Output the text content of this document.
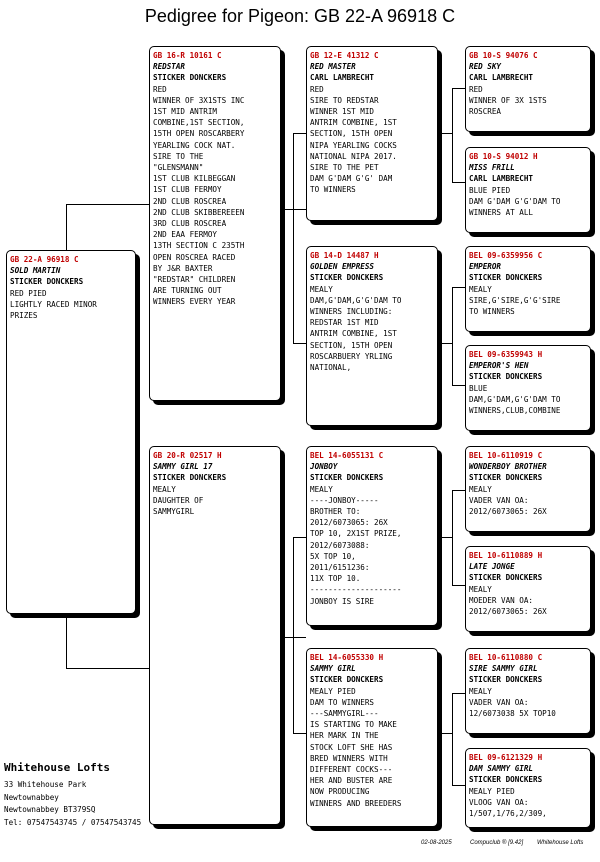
Pedigree for Pigeon: GB 22-A 96918 C
GB 22-A 96918 C
SOLD MARTIN
STICKER DONCKERS
RED PIED
LIGHTLY RACED MINOR
PRIZES
GB 16-R 10161 C
REDSTAR
STICKER DONCKERS
RED
WINNER OF 3X1STS INC
1ST MID ANTRIM
COMBINE,1ST SECTION,
15TH OPEN ROSCARBERY
YEARLING COCK NAT.
SIRE TO THE
"GLENSMANN"
1ST CLUB KILBEGGAN
1ST CLUB FERMOY
2ND CLUB ROSCREA
2ND CLUB SKIBBEREEEN
3RD CLUB ROSCREA
2ND EAA FERMOY
13TH SECTION C 235TH
OPEN ROSCREA RACED
BY J&R BAXTER
"REDSTAR" CHILDREN
ARE TURNING OUT
WINNERS EVERY YEAR
GB 20-R 02517 H
SAMMY GIRL 17
STICKER DONCKERS
MEALY
DAUGHTER OF
SAMMYGIRL
GB 12-E 41312 C
RED MASTER
CARL LAMBRECHT
RED
SIRE TO REDSTAR
WINNER 1ST MID
ANTRIM COMBINE, 1ST
SECTION, 15TH OPEN
NIPA YEARLING COCKS
NATIONAL NIPA 2017.
SIRE TO THE PET
DAM G'DAM G'G' DAM
TO WINNERS
GB 14-D 14487 H
GOLDEN EMPRESS
STICKER DONCKERS
MEALY
DAM,G'DAM,G'G'DAM TO
WINNERS INCLUDING:
REDSTAR 1ST MID
ANTRIM COMBINE, 1ST
SECTION, 15TH OPEN
ROSCARBUERY YRLING
NATIONAL,
BEL 14-6055131 C
JONBOY
STICKER DONCKERS
MEALY
----JONBOY-----
BROTHER TO:
2012/6073065: 26X
TOP 10, 2X1ST PRIZE,
2012/6073088:
5X TOP 10,
2011/6151236:
11X TOP 10.
--------------------
JONBOY IS SIRE
BEL 14-6055330 H
SAMMY GIRL
STICKER DONCKERS
MEALY PIED
DAM TO WINNERS
---SAMMYGIRL---
IS STARTING TO MAKE
HER MARK IN THE
STOCK LOFT SHE HAS
BRED WINNERS WITH
DIFFERENT COCKS---
HER AND BUSTER ARE
NOW PRODUCING
WINNERS AND BREEDERS
GB 10-S 94076 C
RED SKY
CARL LAMBRECHT
RED
WINNER OF 3X 1STS
ROSCREA
GB 10-S 94012 H
MISS FRILL
CARL LAMBRECHT
BLUE PIED
DAM G'DAM G'G'DAM TO
WINNERS AT ALL
BEL 09-6359956 C
EMPEROR
STICKER DONCKERS
MEALY
SIRE,G'SIRE,G'G'SIRE
TO WINNERS
BEL 09-6359943 H
EMPEROR'S HEN
STICKER DONCKERS
BLUE
DAM,G'DAM,G'G'DAM TO
WINNERS,CLUB,COMBINE
BEL 10-6110919 C
WONDERBOY BROTHER
STICKER DONCKERS
MEALY
VADER VAN OA:
2012/6073065: 26X
BEL 10-6110889 H
LATE JONGE
STICKER DONCKERS
MEALY
MOEDER VAN OA:
2012/6073065: 26X
BEL 10-6110880 C
SIRE SAMMY GIRL
STICKER DONCKERS
MEALY
VADER VAN OA:
12/6073038 5X TOP10
BEL 09-6121329 H
DAM SAMMY GIRL
STICKER DONCKERS
MEALY PIED
VLOOG VAN OA:
1/507,1/76,2/309,
Whitehouse Lofts
33 Whitehouse Park
Newtownabbey
Newtownabbey BT379SQ
Tel: 07547543745 / 07547543745
02-08-2025	Compuclub ® [9.42] Whitehouse Lofts
